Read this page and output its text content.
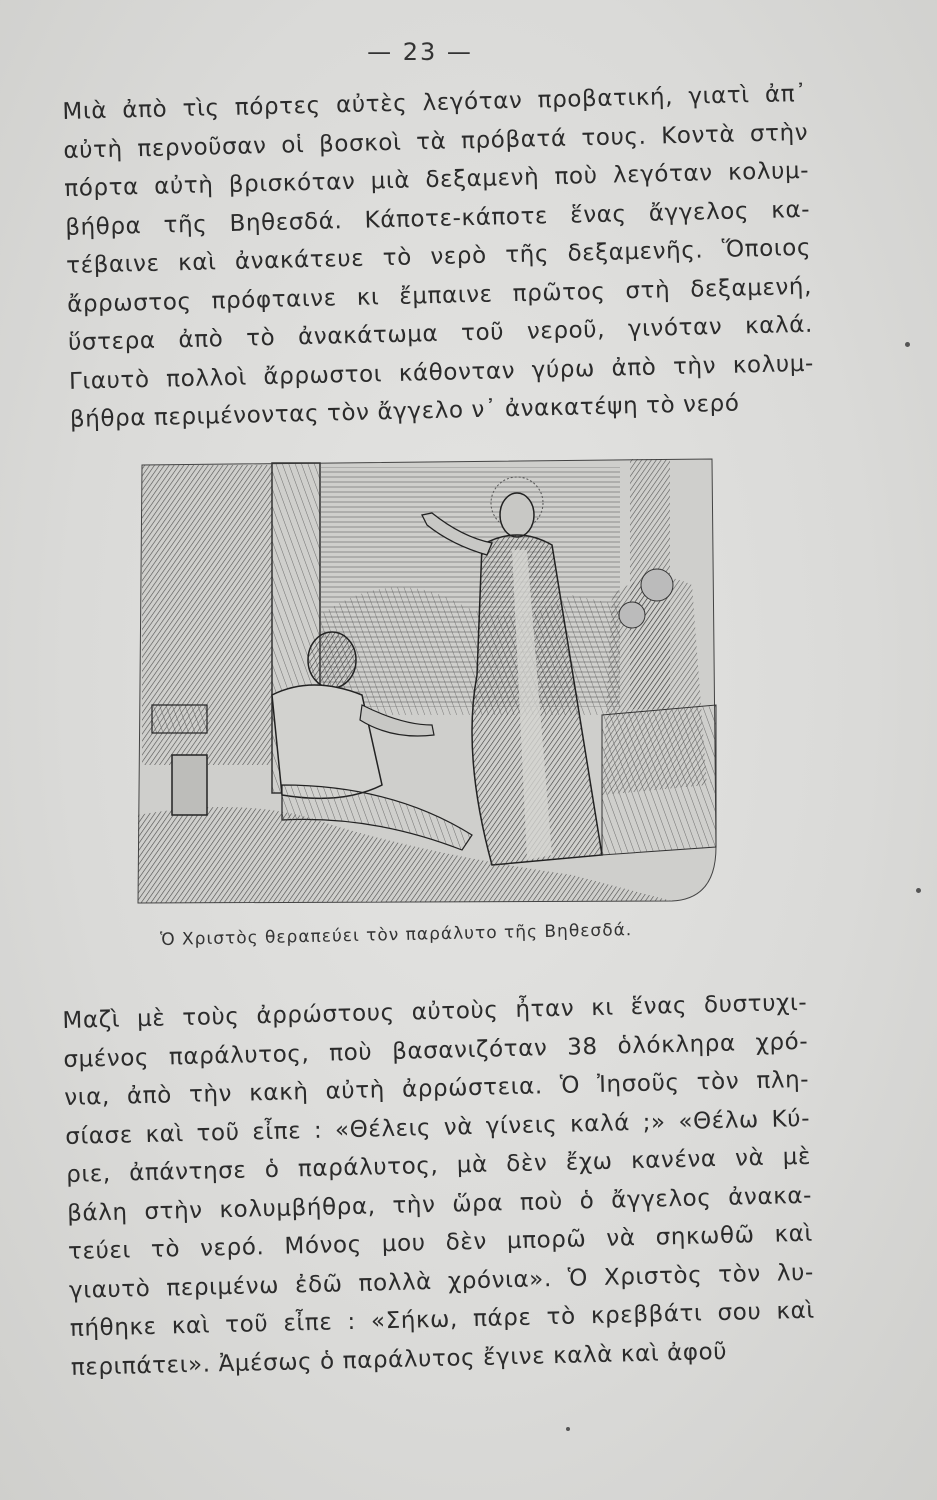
— 23 —
Μιὰ ἀπὸ τὶς πόρτες αὐτὲς λεγόταν προβατική, γιατὶ ἀπ᾽
αὐτὴ περνοῦσαν οἱ βοσκοὶ τὰ πρόβατά τους. Κοντὰ στὴν
πόρτα αὐτὴ βρισκόταν μιὰ δεξαμενὴ ποὺ λεγόταν κολυμ-
βήθρα τῆς Βηθεσδά. Κάποτε-κάποτε ἕνας ἄγγελος κα-
τέβαινε καὶ ἀνακάτευε τὸ νερὸ τῆς δεξαμενῆς. Ὅποιος
ἄρρωστος πρόφταινε κι ἔμπαινε πρῶτος στὴ δεξαμενή,
ὕστερα ἀπὸ τὸ ἀνακάτωμα τοῦ νεροῦ, γινόταν καλά.
Γιαυτὸ πολλοὶ ἄρρωστοι κάθονταν γύρω ἀπὸ τὴν κολυμ-
βήθρα περιμένοντας τὸν ἄγγελο ν᾽ ἀνακατέψη τὸ νερό
Ὁ Χριστὸς θεραπεύει τὸν παράλυτο τῆς Βηθεσδά.
Μαζὶ μὲ τοὺς ἀρρώστους αὐτοὺς ἦταν κι ἕνας δυστυχι-
σμένος παράλυτος, ποὺ βασανιζόταν 38 ὁλόκληρα χρό-
νια, ἀπὸ τὴν κακὴ αὐτὴ ἀρρώστεια. Ὁ Ἰησοῦς τὸν πλη-
σίασε καὶ τοῦ εἶπε : «Θέλεις νὰ γίνεις καλά ;» «Θέλω Κύ-
ριε, ἀπάντησε ὁ παράλυτος, μὰ δὲν ἔχω κανένα νὰ μὲ
βάλη στὴν κολυμβήθρα, τὴν ὥρα ποὺ ὁ ἄγγελος ἀνακα-
τεύει τὸ νερό. Μόνος μου δὲν μπορῶ νὰ σηκωθῶ καὶ
γιαυτὸ περιμένω ἐδῶ πολλὰ χρόνια». Ὁ Χριστὸς τὸν λυ-
πήθηκε καὶ τοῦ εἶπε : «Σήκω, πάρε τὸ κρεββάτι σου καὶ
περιπάτει». Ἀμέσως ὁ παράλυτος ἔγινε καλὰ καὶ ἀφοῦ
